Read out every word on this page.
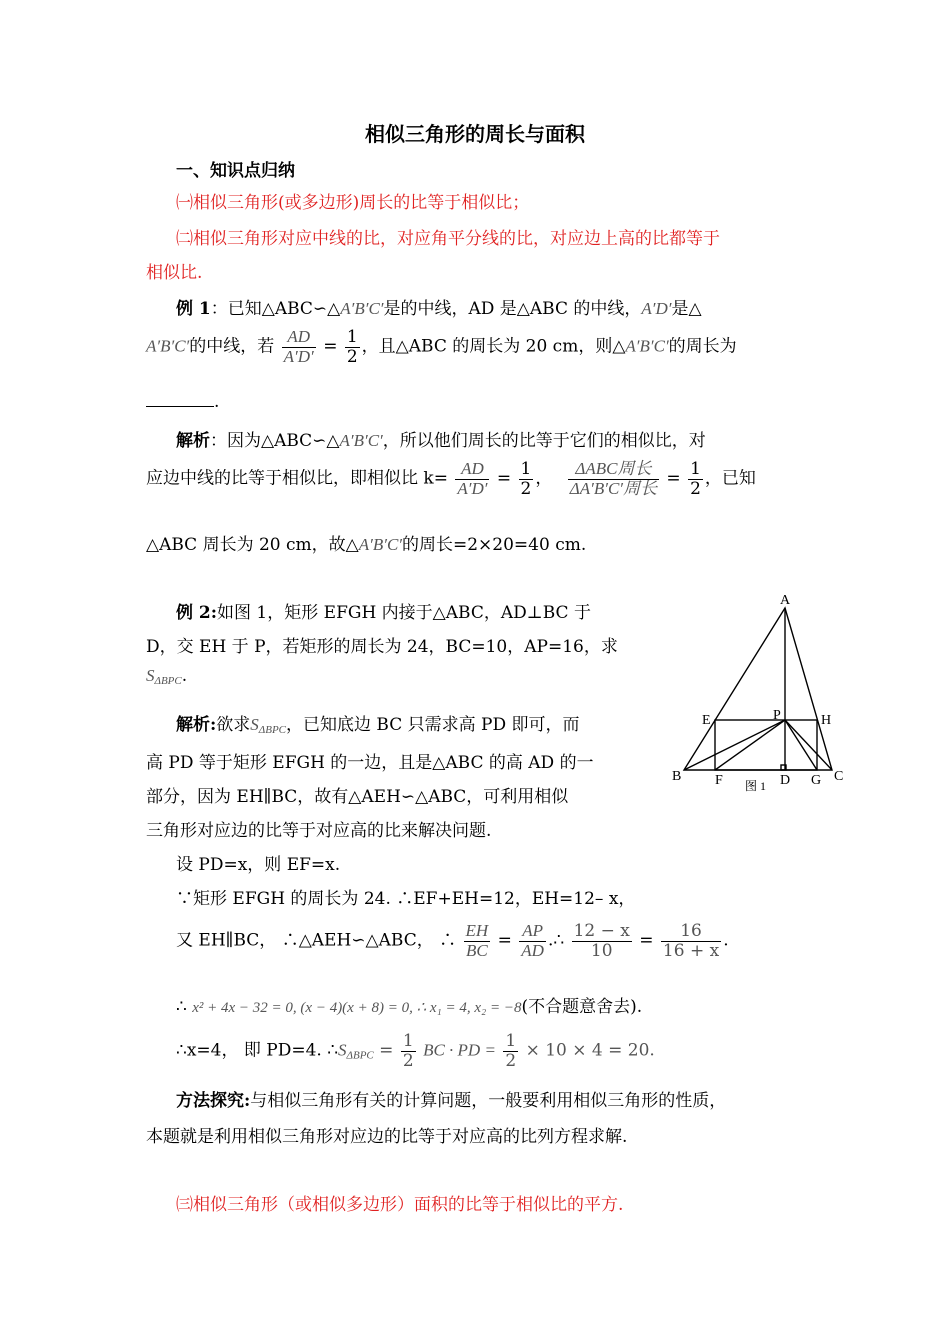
相似三角形的周长与面积
一、知识点归纳
㈠相似三角形(或多边形)周长的比等于相似比；
㈡相似三角形对应中线的比，对应角平分线的比，对应边上高的比都等于
相似比.
例 1：已知△ABC∽△A′B′C′是的中线，AD 是△ABC 的中线，A′D′是△
A′B′C′的中线，若 $\frac{AD}{A'D'} = \frac{1}{2}$ ，且△ABC 的周长为 20 cm，则△A′B′C′的周长为
.
解析：因为△ABC∽△A′B′C′，所以他们周长的比等于它们的相似比，对
应边中线的比等于相似比，即相似比 $k= \frac{AD}{A'D'} = \frac{1}{2}$ ， $\frac{\text{ΔABC周长}}{\text{ΔA′B′C′周长}} = \frac{1}{2}$ ，已知
△ABC 周长为 20 cm，故△A′B′C′的周长=2×20=40 cm.
例 2:如图 1，矩形 EFGH 内接于△ABC，AD⊥BC 于
D，交 EH 于 P，若矩形的周长为 24，BC=10，AP=16，求
$S_{\Delta BPC}$.
解析:欲求$S_{\Delta BPC}$，已知底边 BC 只需求高 PD 即可，而
高 PD 等于矩形 EFGH 的一边，且是△ABC 的高 AD 的一
部分，因为 EH∥BC，故有△AEH∽△ABC，可利用相似
三角形对应边的比等于对应高的比来解决问题.
设 PD=x，则 EF=x.
∵矩形 EFGH 的周长为 24. ∴EF+EH=12，EH=12– x，
又 EH∥BC， ∴△AEH∽△ABC， ∴ $\frac{EH}{BC} = \frac{AP}{AD}$ .∴ $\frac{12 - x}{10} = \frac{16}{16 + x}$ .
∴ x² + 4x − 32 = 0, (x − 4)(x + 8) = 0, ∴ x₁ = 4, x₂ = −8(不合题意舍去).
∴x=4， 即 PD=4. $\therefore S_{\Delta BPC} = \frac{1}{2}$ BC · PD = $\frac{1}{2} \times 10 \times 4 = 20$.
方法探究:与相似三角形有关的计算问题，一般要利用相似三角形的性质，
本题就是利用相似三角形对应边的比等于对应高的比列方程求解.
㈢相似三角形（或相似多边形）面积的比等于相似比的平方.
A
B	C
D
E
F	G
H
P
图 1
